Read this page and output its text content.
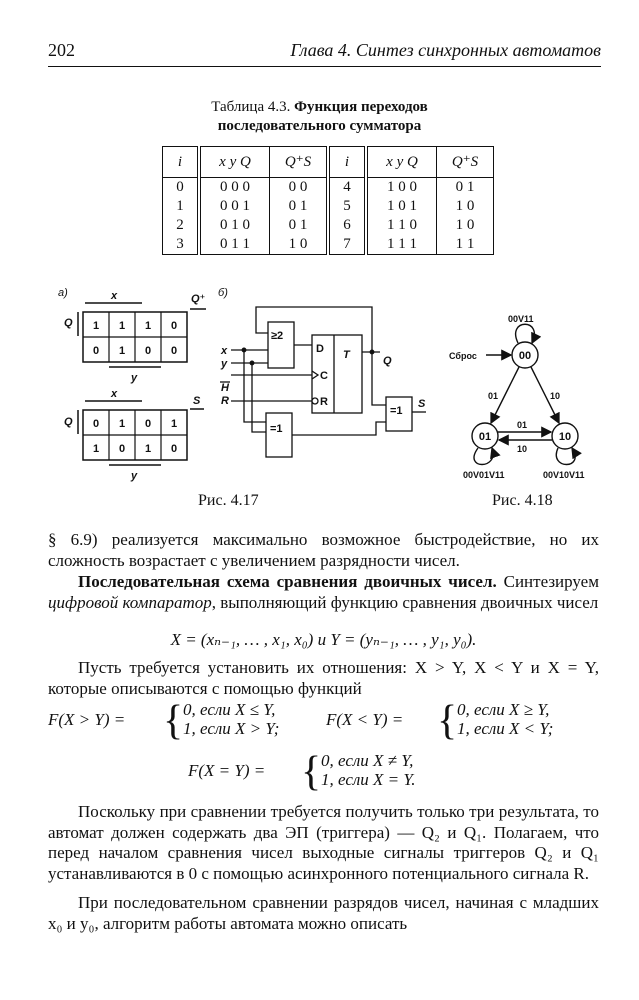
202	Глава 4. Синтез синхронных автоматов
Таблица 4.3. Функция переходов
последовательного сумматора
i	x y Q	Q⁺S	i	x y Q	Q⁺S
0	0 0 0	0 0	4	1 0 0	0 1
1	0 0 1	0 1	5	1 0 1	1 0
2	0 1 0	0 1	6	1 1 0	1 0
3	0 1 1	1 0	7	1 1 1	1 1
а)	x	Q⁺
Q 1 1 1 0
0 1 0 0
y
x
S
Q 0 1 0 1
1 0 1 0
y
б)
≥2
D
C
R
T
=1
=1
x
y
H
R
Q
S
00
00V11
Сброс
01
00V01V11
10
00V10V11
01	10
01
10
Рис. 4.17	Рис. 4.18
§ 6.9) реализуется максимально возможное быстродействие, но их сложность возрастает с увеличением разрядности чисел.
Последовательная схема сравнения двоичных чисел. Синтезируем цифровой компаратор, выполняющий функцию сравнения двоичных чисел
X = (xₙ₋₁, … , x₁, x₀) и Y = (yₙ₋₁, … , y₁, y₀).
Пусть требуется установить их отношения: X > Y, X < Y и X = Y, которые описываются с помощью функций
F(X > Y) = { 0, если X ≤ Y,
1, если X > Y;	F(X < Y) = { 0, если X ≥ Y,
1, если X < Y;
F(X = Y) = { 0, если X ≠ Y,
1, если X = Y.
Поскольку при сравнении требуется получить только три результата, то автомат должен содержать два ЭП (триггера) — Q₂ и Q₁. Полагаем, что перед началом сравнения чисел выходные сигналы триггеров Q₂ и Q₁ устанавливаются в 0 с помощью асинхронного потенциального сигнала R.
При последовательном сравнении разрядов чисел, начиная с младших x₀ и y₀, алгоритм работы автомата можно описать
